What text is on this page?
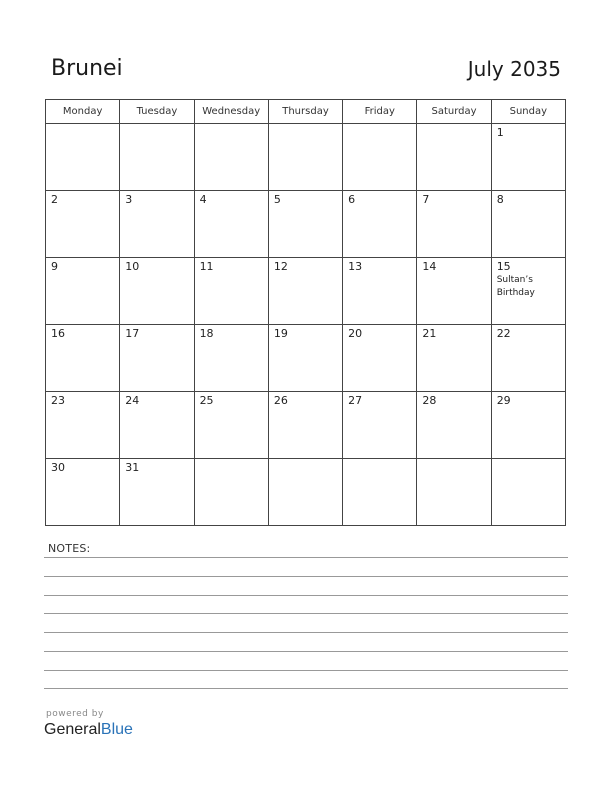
Brunei	July 2035
Monday	Tuesday	Wednesday	Thursday	Friday	Saturday	Sunday

						1

2	3	4	5	6	7	8

9	10	11	12	13	14	15
Sultan’s Birthday

16	17	18	19	20	21	22

23	24	25	26	27	28	29

30	31					

NOTES:
powered by
GeneralBlue
